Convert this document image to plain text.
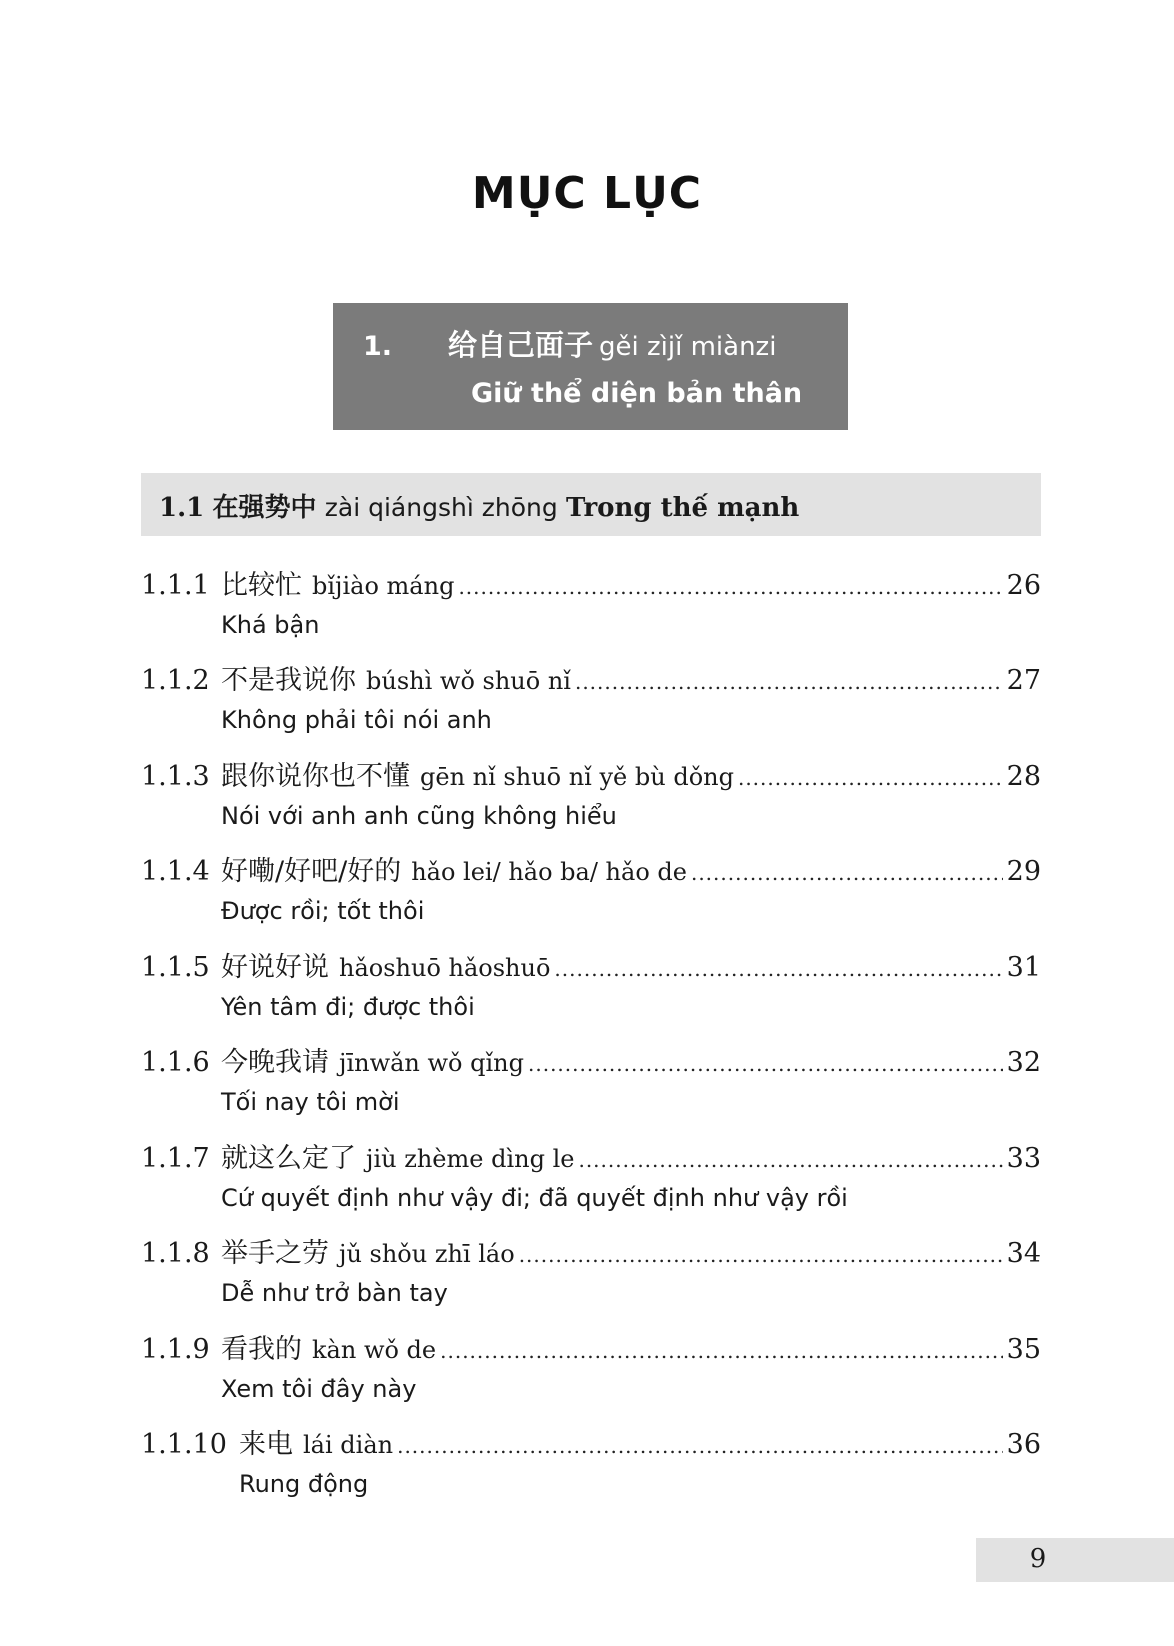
MỤC LỤC
1. 给自己面子 gěi zìjǐ miànzi
Giữ thể diện bản thân
1.1 在强势中 zài qiángshì zhōng Trong thế mạnh
1.1.1 比较忙 bǐjiào máng .....	26
Khá bận
1.1.2 不是我说你 búshì wǒ shuō nǐ .....	27
Không phải tôi nói anh
1.1.3 跟你说你也不懂 gēn nǐ shuō nǐ yě bù dǒng .....	28
Nói với anh anh cũng không hiểu
1.1.4 好嘞/好吧/好的 hǎo lei/ hǎo ba/ hǎo de .....	29
Được rồi; tốt thôi
1.1.5 好说好说 hǎoshuō hǎoshuō .....	31
Yên tâm đi; được thôi
1.1.6 今晚我请 jīnwǎn wǒ qǐng .....	32
Tối nay tôi mời
1.1.7 就这么定了 jiù zhème dìng le .....	33
Cứ quyết định như vậy đi; đã quyết định như vậy rồi
1.1.8 举手之劳 jǔ shǒu zhī láo .....	34
Dễ như trở bàn tay
1.1.9 看我的 kàn wǒ de .....	35
Xem tôi đây này
1.1.10 来电 lái diàn .....	36
Rung động
9
